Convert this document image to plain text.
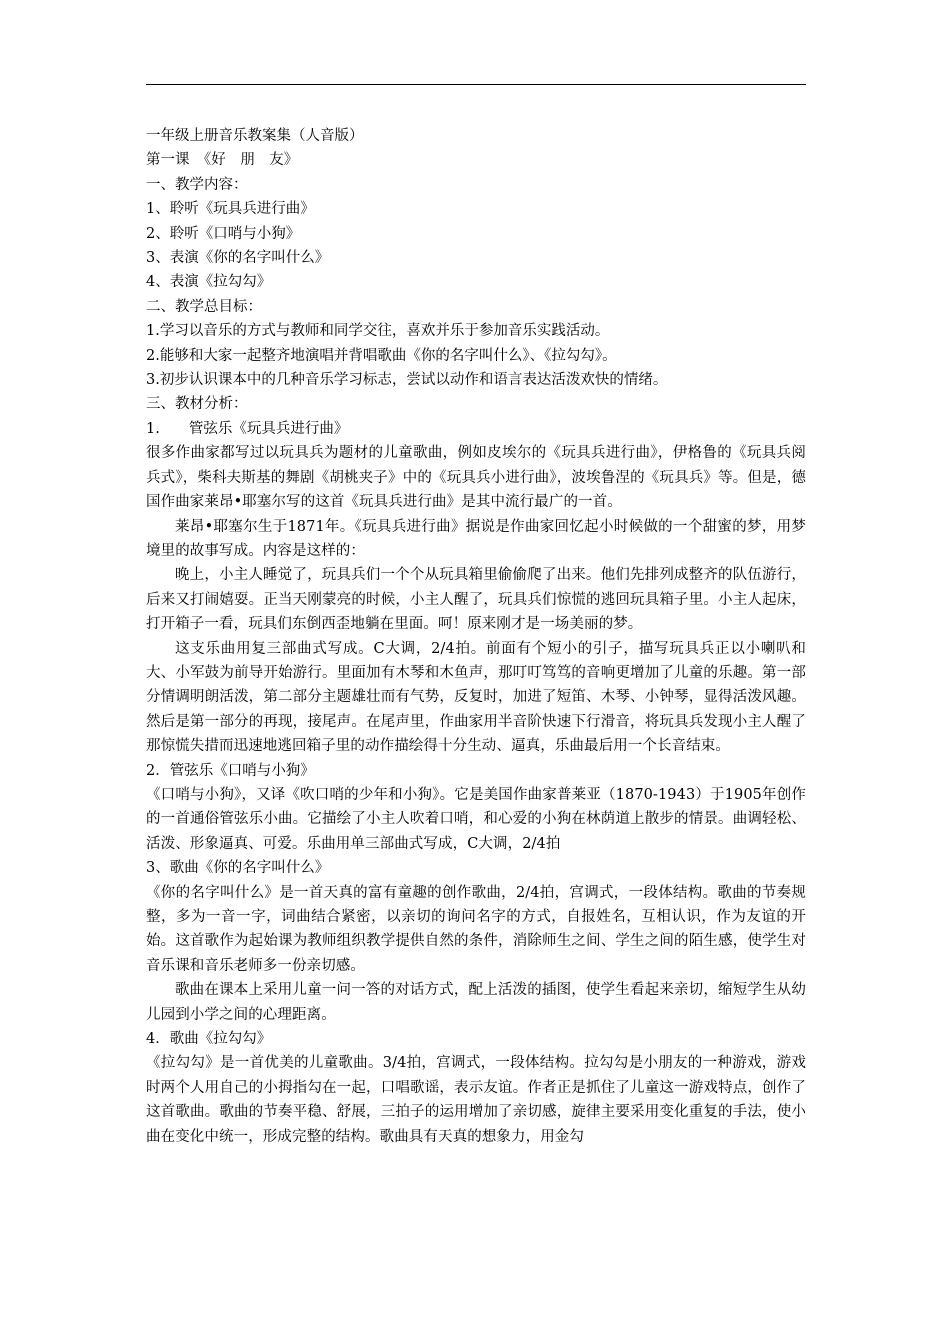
一年级上册音乐教案集（人音版）

第一课　《好　朋　友》

一、教学内容：

1、聆听《玩具兵进行曲》

2、聆听《口哨与小狗》

3、表演《你的名字叫什么》

4、表演《拉勾勾》

二、教学总目标：

1.学习以音乐的方式与教师和同学交往，喜欢并乐于参加音乐实践活动。

2.能够和大家一起整齐地演唱并背唱歌曲《你的名字叫什么》、《拉勾勾》。

3.初步认识课本中的几种音乐学习标志，尝试以动作和语言表达活泼欢快的情绪。

三、教材分析：

1.　　管弦乐《玩具兵进行曲》

很多作曲家都写过以玩具兵为题材的儿童歌曲，例如皮埃尔的《玩具兵进行曲》，伊格鲁的《玩具兵阅兵式》，柴科夫斯基的舞剧《胡桃夹子》中的《玩具兵小进行曲》，波埃鲁涅的《玩具兵》等。但是，德国作曲家莱昂•耶塞尔写的这首《玩具兵进行曲》是其中流行最广的一首。

莱昂•耶塞尔生于1871年。《玩具兵进行曲》据说是作曲家回忆起小时候做的一个甜蜜的梦，用梦境里的故事写成。内容是这样的：

晚上，小主人睡觉了，玩具兵们一个个从玩具箱里偷偷爬了出来。他们先排列成整齐的队伍游行，后来又打闹嬉耍。正当天刚蒙亮的时候，小主人醒了，玩具兵们惊慌的逃回玩具箱子里。小主人起床，打开箱子一看，玩具们东倒西歪地躺在里面。呵！原来刚才是一场美丽的梦。

这支乐曲用复三部曲式写成。C大调，2/4拍。前面有个短小的引子，描写玩具兵正以小喇叭和大、小军鼓为前导开始游行。里面加有木琴和木鱼声，那叮叮笃笃的音响更增加了儿童的乐趣。第一部分情调明朗活泼，第二部分主题雄壮而有气势，反复时，加进了短笛、木琴、小钟琴，显得活泼风趣。然后是第一部分的再现，接尾声。在尾声里，作曲家用半音阶快速下行滑音，将玩具兵发现小主人醒了那惊慌失措而迅速地逃回箱子里的动作描绘得十分生动、逼真，乐曲最后用一个长音结束。

2．管弦乐《口哨与小狗》

《口哨与小狗》，又译《吹口哨的少年和小狗》。它是美国作曲家普莱亚（1870-1943）于1905年创作的一首通俗管弦乐小曲。它描绘了小主人吹着口哨，和心爱的小狗在林荫道上散步的情景。曲调轻松、活泼、形象逼真、可爱。乐曲用单三部曲式写成，C大调，2/4拍

3、歌曲《你的名字叫什么》

《你的名字叫什么》是一首天真的富有童趣的创作歌曲，2/4拍，宫调式，一段体结构。歌曲的节奏规整，多为一音一字，词曲结合紧密，以亲切的询问名字的方式，自报姓名，互相认识，作为友谊的开始。这首歌作为起始课为教师组织教学提供自然的条件，消除师生之间、学生之间的陌生感，使学生对音乐课和音乐老师多一份亲切感。

歌曲在课本上采用儿童一问一答的对话方式，配上活泼的插图，使学生看起来亲切，缩短学生从幼儿园到小学之间的心理距离。

4．歌曲《拉勾勾》

《拉勾勾》是一首优美的儿童歌曲。3/4拍，宫调式，一段体结构。拉勾勾是小朋友的一种游戏，游戏时两个人用自己的小拇指勾在一起，口唱歌谣，表示友谊。作者正是抓住了儿童这一游戏特点，创作了这首歌曲。歌曲的节奏平稳、舒展，三拍子的运用增加了亲切感，旋律主要采用变化重复的手法，使小曲在变化中统一，形成完整的结构。歌曲具有天真的想象力，用金勾
